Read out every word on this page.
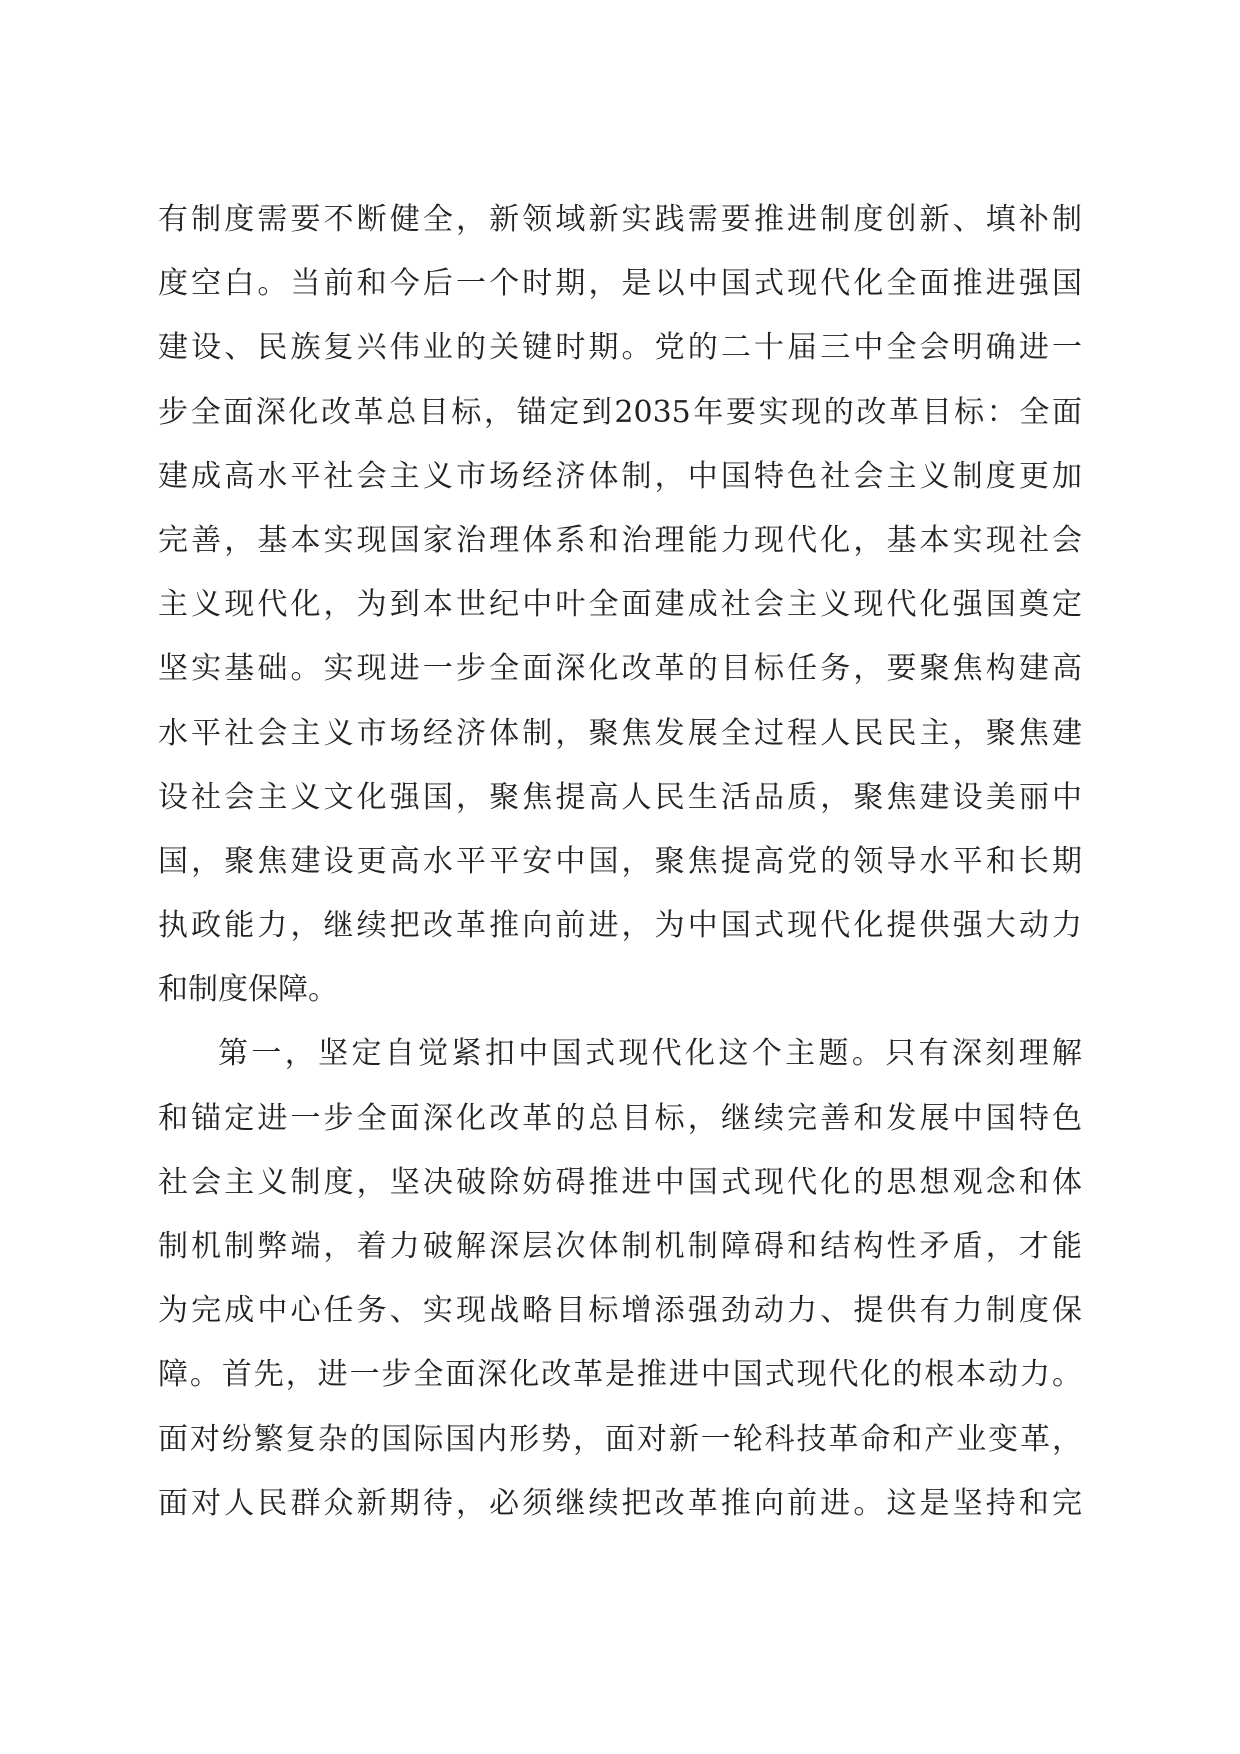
有制度需要不断健全，新领域新实践需要推进制度创新、填补制
度空白。当前和今后一个时期，是以中国式现代化全面推进强国
建设、民族复兴伟业的关键时期。党的二十届三中全会明确进一
步全面深化改革总目标，锚定到2035年要实现的改革目标：全面
建成高水平社会主义市场经济体制，中国特色社会主义制度更加
完善，基本实现国家治理体系和治理能力现代化，基本实现社会
主义现代化，为到本世纪中叶全面建成社会主义现代化强国奠定
坚实基础。实现进一步全面深化改革的目标任务，要聚焦构建高
水平社会主义市场经济体制，聚焦发展全过程人民民主，聚焦建
设社会主义文化强国，聚焦提高人民生活品质，聚焦建设美丽中
国，聚焦建设更高水平平安中国，聚焦提高党的领导水平和长期
执政能力，继续把改革推向前进，为中国式现代化提供强大动力
和制度保障。
第一，坚定自觉紧扣中国式现代化这个主题。只有深刻理解
和锚定进一步全面深化改革的总目标，继续完善和发展中国特色
社会主义制度，坚决破除妨碍推进中国式现代化的思想观念和体
制机制弊端，着力破解深层次体制机制障碍和结构性矛盾，才能
为完成中心任务、实现战略目标增添强劲动力、提供有力制度保
障。首先，进一步全面深化改革是推进中国式现代化的根本动力。
面对纷繁复杂的国际国内形势，面对新一轮科技革命和产业变革，
面对人民群众新期待，必须继续把改革推向前进。这是坚持和完
